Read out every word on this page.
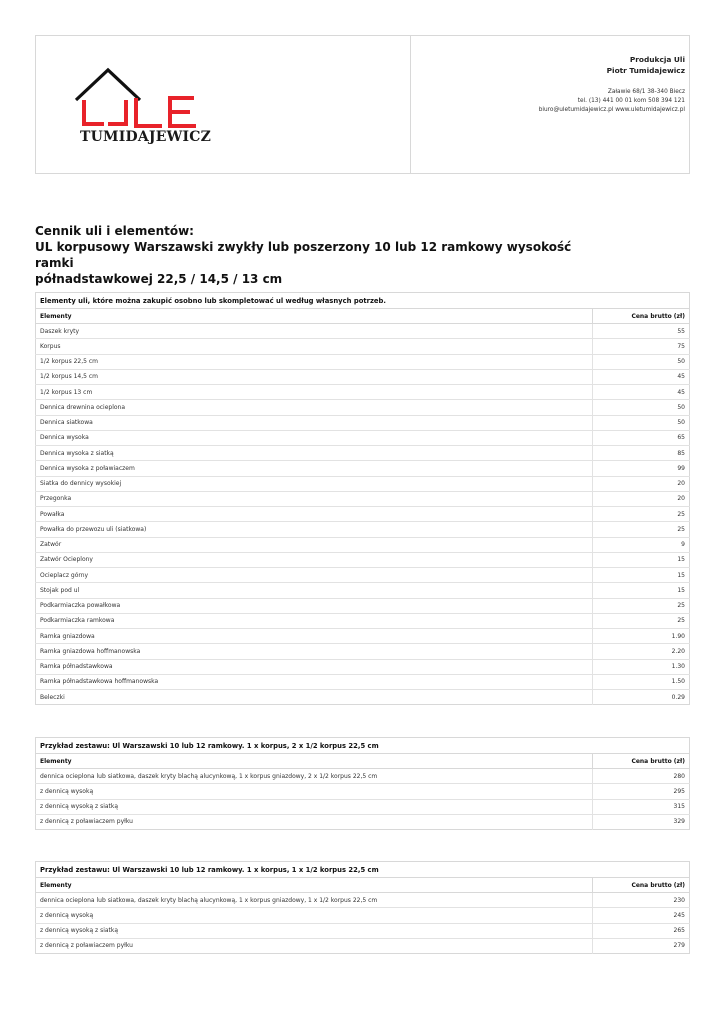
TUMIDAJEWICZ
Produkcja Uli
Piotr Tumidajewicz
Załawie 68/1 38-340 Biecz
tel. (13) 441 00 01 kom 508 394 121
biuro@uletumidajewicz.pl www.uletumidajewicz.pl
Cennik uli i elementów:
UL korpusowy Warszawski zwykły lub poszerzony 10 lub 12 ramkowy wysokość ramki
półnadstawkowej 22,5 / 14,5 / 13 cm
Elementy uli, które można zakupić osobno lub skompletować ul według własnych potrzeb.	
Elementy	Cena brutto (zł)
Daszek kryty	55
Korpus	75
1/2 korpus 22,5 cm	50
1/2 korpus 14,5 cm	45
1/2 korpus 13 cm	45
Dennica drewnina ocieplona	50
Dennica siatkowa	50
Dennica wysoka	65
Dennica wysoka z siatką	85
Dennica wysoka z poławiaczem	99
Siatka do dennicy wysokiej	20
Przegonka	20
Powałka	25
Powałka do przewozu uli (siatkowa)	25
Zatwór	9
Zatwór Ocieplony	15
Ocieplacz górny	15
Stojak pod ul	15
Podkarmiaczka powałkowa	25
Podkarmiaczka ramkowa	25
Ramka gniazdowa	1.90
Ramka gniazdowa hoffmanowska	2.20
Ramka półnadstawkowa	1.30
Ramka półnadstawkowa hoffmanowska	1.50
Beleczki	0.29
Przykład zestawu: Ul Warszawski 10 lub 12 ramkowy. 1 x korpus, 2 x 1/2 korpus 22,5 cm	
Elementy	Cena brutto (zł)
dennica ocieplona lub siatkowa, daszek kryty blachą alucynkową, 1 x korpus gniazdowy, 2 x 1/2 korpus 22,5 cm	280
z dennicą wysoką	295
z dennicą wysoką z siatką	315
z dennicą z poławiaczem pyłku	329
Przykład zestawu: Ul Warszawski 10 lub 12 ramkowy. 1 x korpus, 1 x 1/2 korpus 22,5 cm	
Elementy	Cena brutto (zł)
dennica ocieplona lub siatkowa, daszek kryty blachą alucynkową, 1 x korpus gniazdowy, 1 x 1/2 korpus 22,5 cm	230
z dennicą wysoką	245
z dennicą wysoką z siatką	265
z dennicą z poławiaczem pyłku	279
